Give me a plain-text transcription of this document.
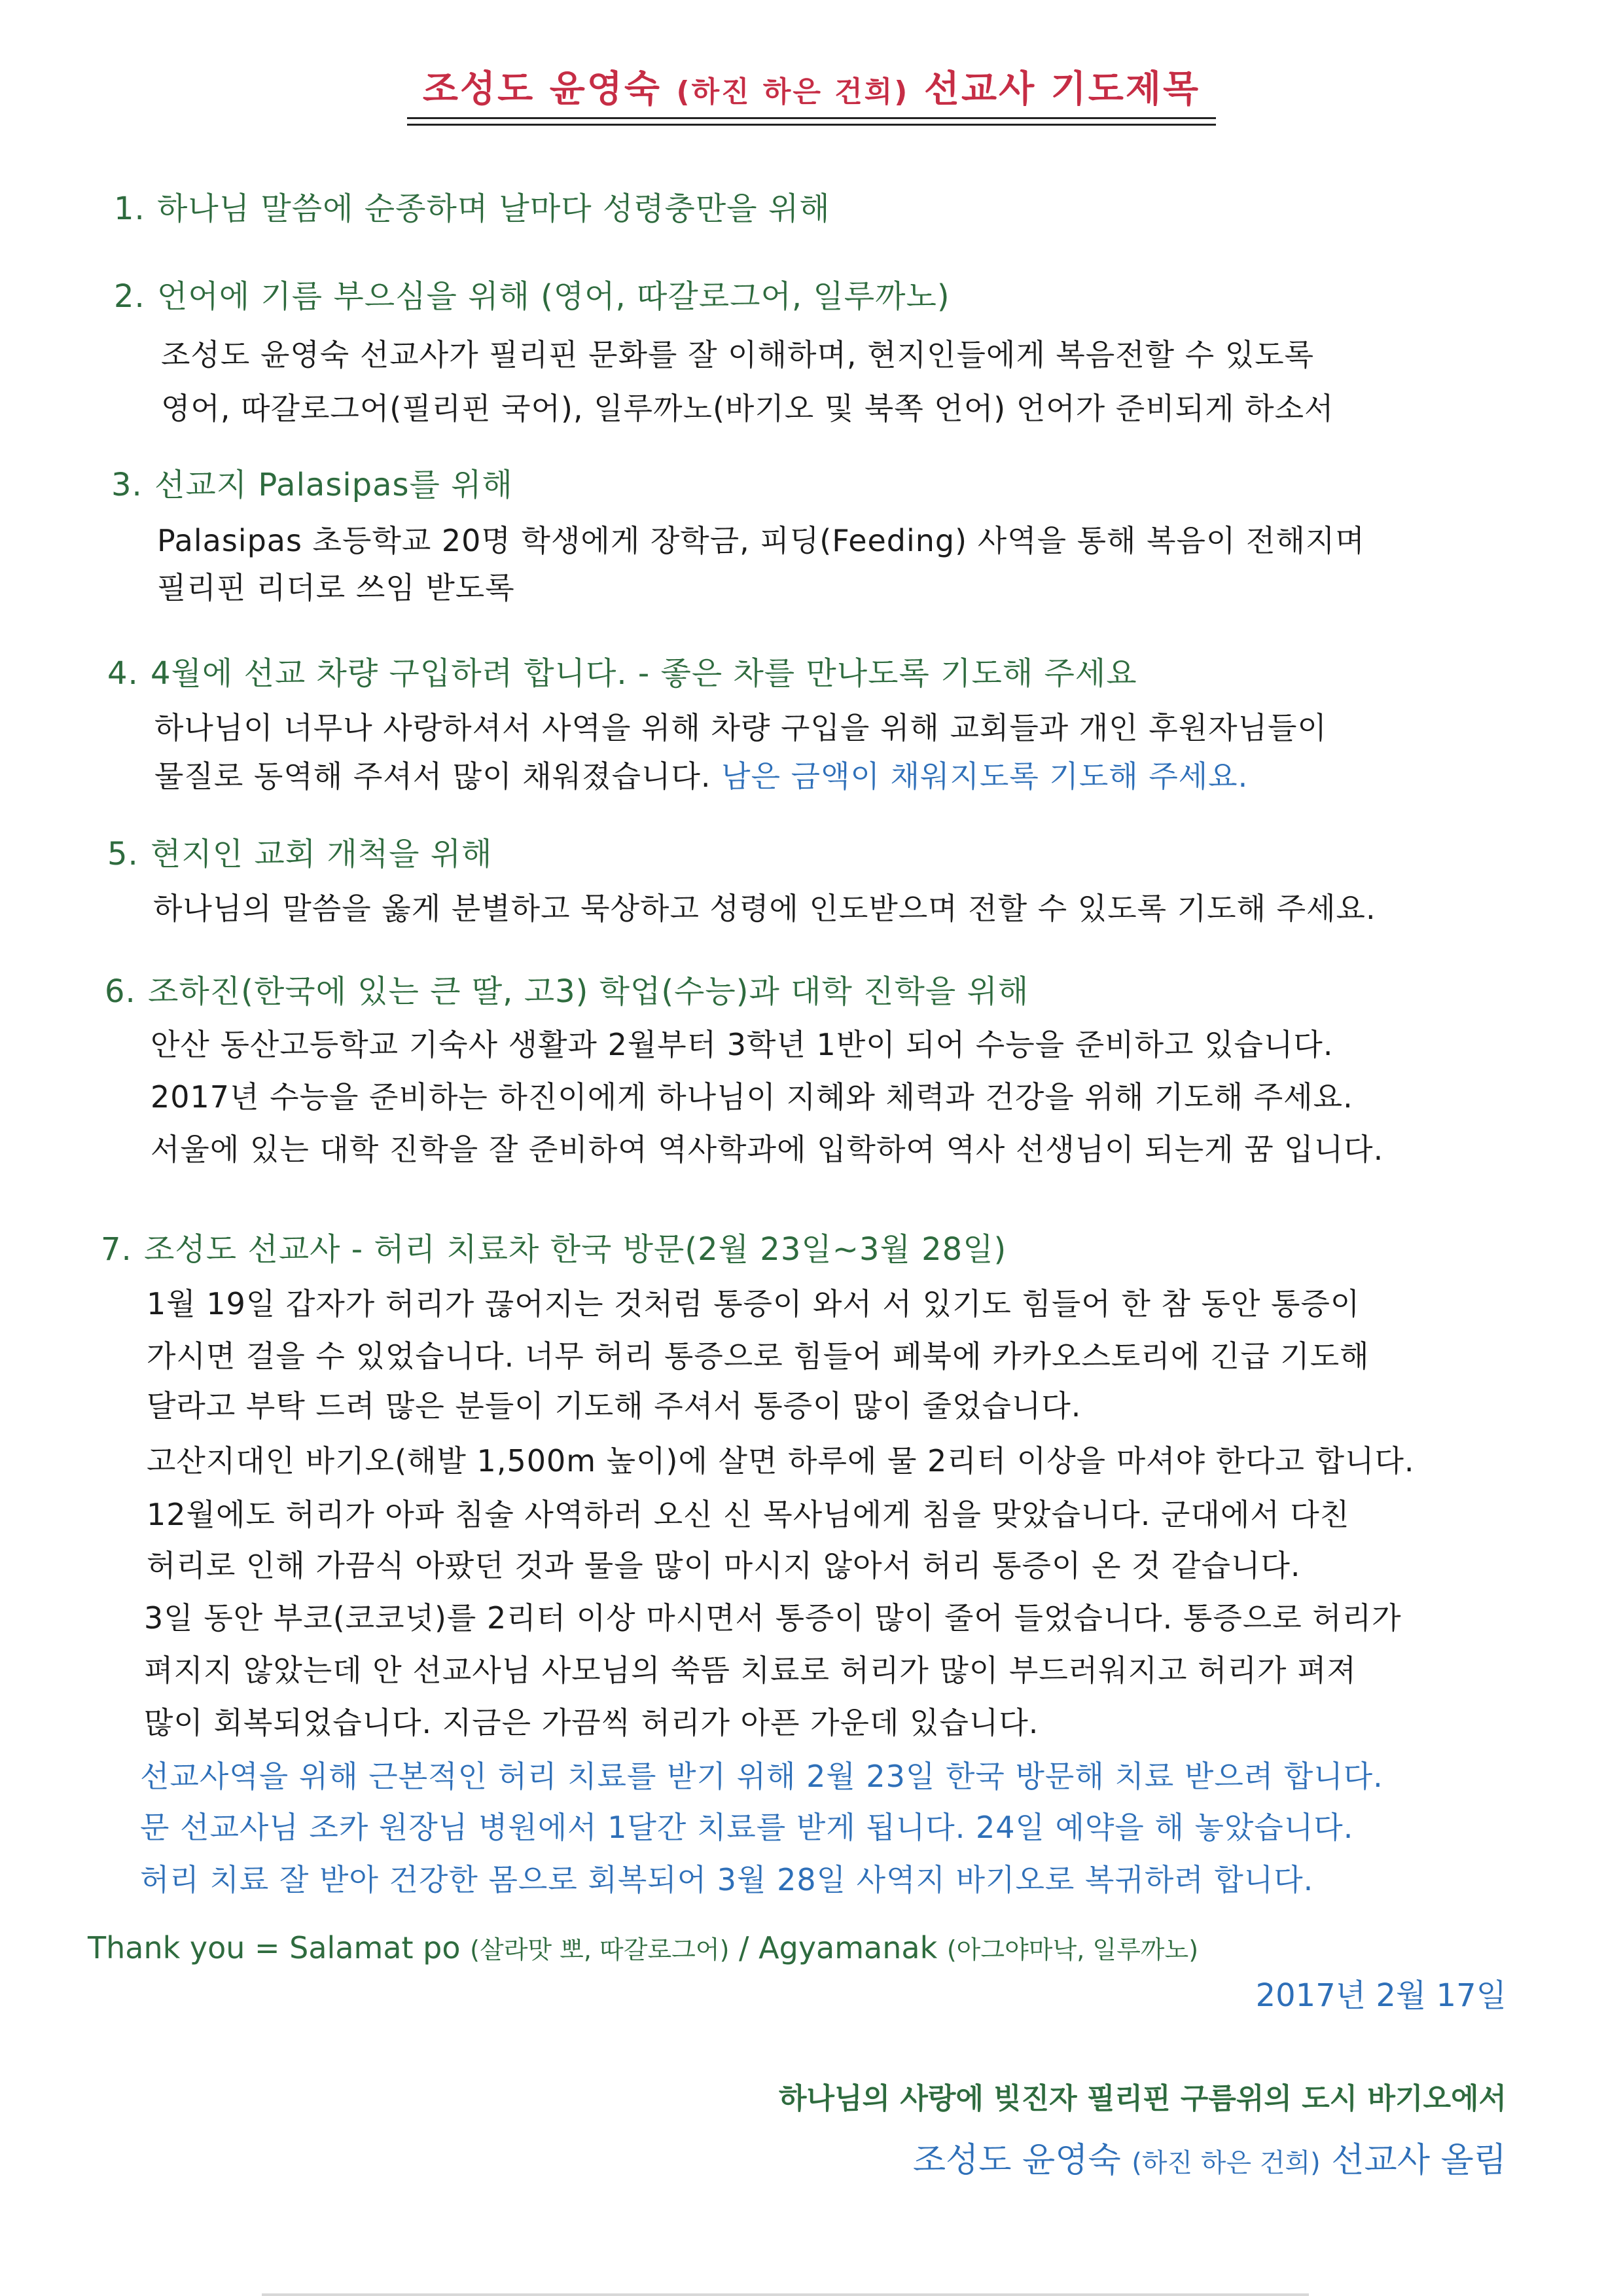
조성도 윤영숙 (하진 하은 건희) 선교사 기도제목
1. 하나님 말씀에 순종하며 날마다 성령충만을 위해
2. 언어에 기름 부으심을 위해 (영어, 따갈로그어, 일루까노)
조성도 윤영숙 선교사가 필리핀 문화를 잘 이해하며, 현지인들에게 복음전할 수 있도록
영어, 따갈로그어(필리핀 국어), 일루까노(바기오 및 북쪽 언어) 언어가 준비되게 하소서
3. 선교지 Palasipas를 위해
Palasipas 초등학교 20명 학생에게 장학금, 피딩(Feeding) 사역을 통해 복음이 전해지며
필리핀 리더로 쓰임 받도록
4. 4월에 선교 차량 구입하려 합니다. - 좋은 차를 만나도록 기도해 주세요
하나님이 너무나 사랑하셔서 사역을 위해 차량 구입을 위해 교회들과 개인 후원자님들이
물질로 동역해 주셔서 많이 채워졌습니다. 남은 금액이 채워지도록 기도해 주세요.
5. 현지인 교회 개척을 위해
하나님의 말씀을 옳게 분별하고 묵상하고 성령에 인도받으며 전할 수 있도록 기도해 주세요.
6. 조하진(한국에 있는 큰 딸, 고3) 학업(수능)과 대학 진학을 위해
안산 동산고등학교 기숙사 생활과 2월부터 3학년 1반이 되어 수능을 준비하고 있습니다.
2017년 수능을 준비하는 하진이에게 하나님이 지혜와 체력과 건강을 위해 기도해 주세요.
서울에 있는 대학 진학을 잘 준비하여 역사학과에 입학하여 역사 선생님이 되는게 꿈 입니다.
7. 조성도 선교사 - 허리 치료차 한국 방문(2월 23일~3월 28일)
1월 19일 갑자가 허리가 끊어지는 것처럼 통증이 와서 서 있기도 힘들어 한 참 동안 통증이
가시면 걸을 수 있었습니다. 너무 허리 통증으로 힘들어 페북에 카카오스토리에 긴급 기도해
달라고 부탁 드려 많은 분들이 기도해 주셔서 통증이 많이 줄었습니다.
고산지대인 바기오(해발 1,500m 높이)에 살면 하루에 물 2리터 이상을 마셔야 한다고 합니다.
12월에도 허리가 아파 침술 사역하러 오신 신 목사님에게 침을 맞았습니다. 군대에서 다친
허리로 인해 가끔식 아팠던 것과 물을 많이 마시지 않아서 허리 통증이 온 것 같습니다.
3일 동안 부코(코코넛)를 2리터 이상 마시면서 통증이 많이 줄어 들었습니다. 통증으로 허리가
펴지지 않았는데 안 선교사님 사모님의 쑥뜸 치료로 허리가 많이 부드러워지고 허리가 펴져
많이 회복되었습니다. 지금은 가끔씩 허리가 아픈 가운데 있습니다.
선교사역을 위해 근본적인 허리 치료를 받기 위해 2월 23일 한국 방문해 치료 받으려 합니다.
문 선교사님 조카 원장님 병원에서 1달간 치료를 받게 됩니다. 24일 예약을 해 놓았습니다.
허리 치료 잘 받아 건강한 몸으로 회복되어 3월 28일 사역지 바기오로 복귀하려 합니다.
Thank you = Salamat po (살라맛 뽀, 따갈로그어) / Agyamanak (아그야마낙, 일루까노)
2017년 2월 17일
하나님의 사랑에 빚진자 필리핀 구름위의 도시 바기오에서
조성도 윤영숙 (하진 하은 건희) 선교사 올림
